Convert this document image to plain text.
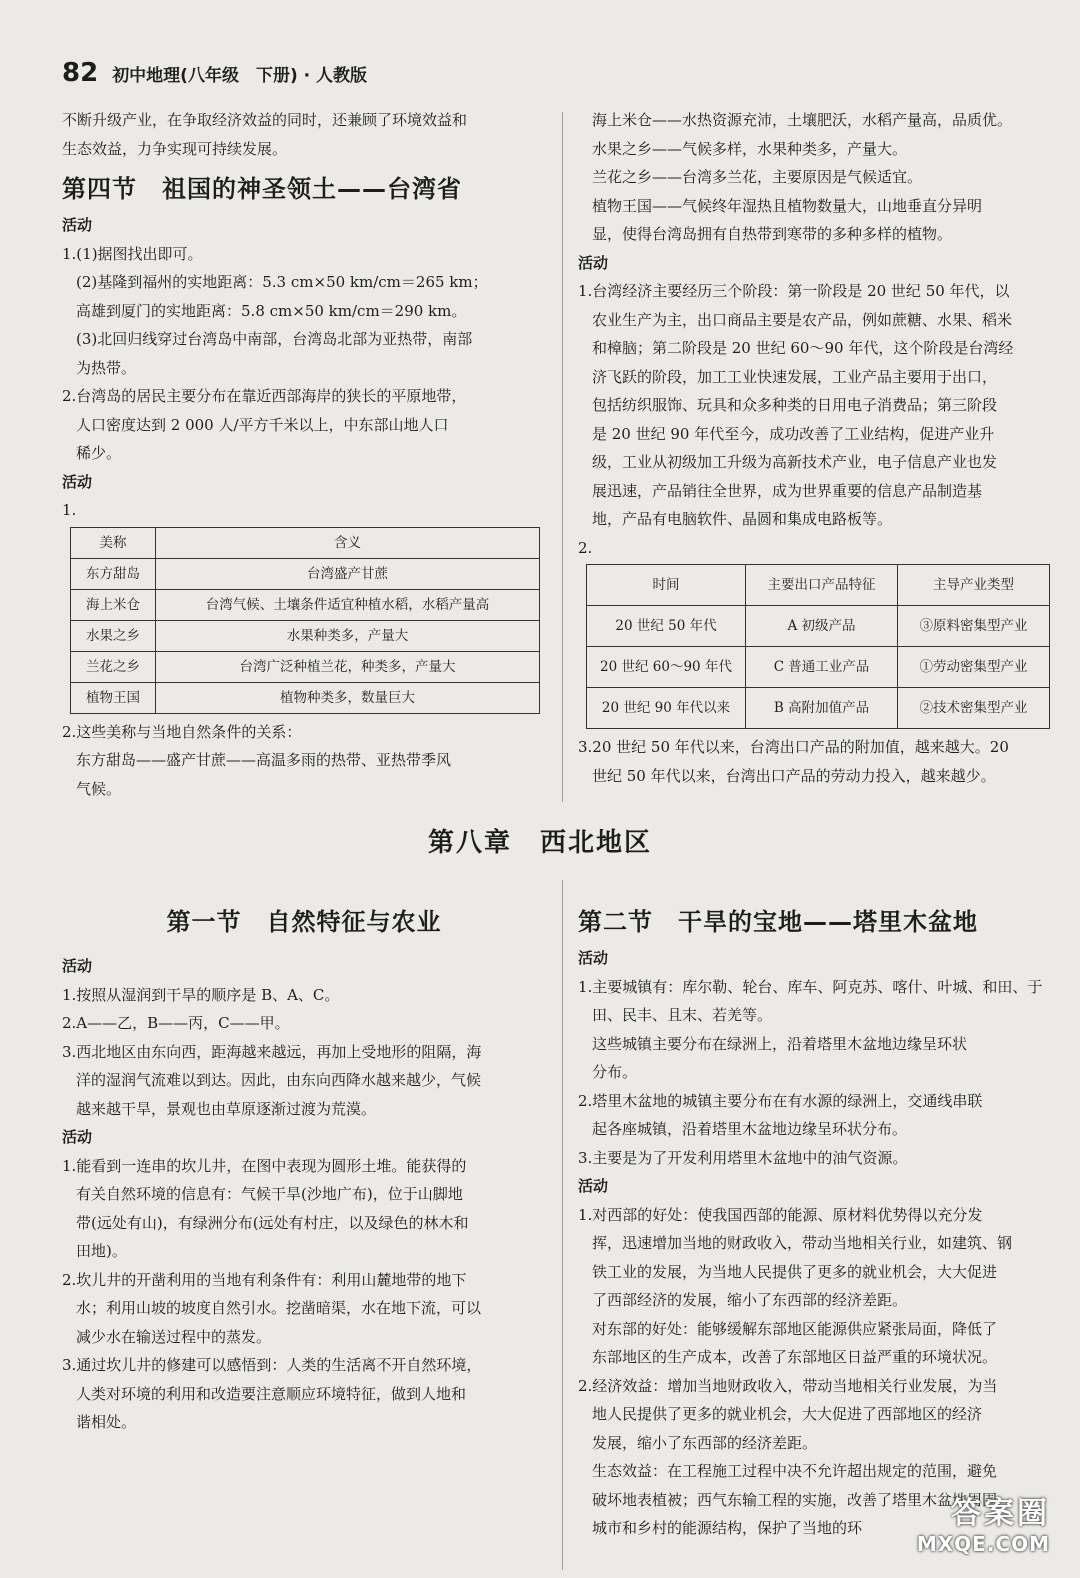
82 初中地理(八年级　下册) · 人教版

不断升级产业，在争取经济效益的同时，还兼顾了环境效益和

生态效益，力争实现可持续发展。

第四节　祖国的神圣领土——台湾省
活动

1.(1)据图找出即可。

(2)基隆到福州的实地距离：5.3 cm×50 km/cm＝265 km；

高雄到厦门的实地距离：5.8 cm×50 km/cm＝290 km。

(3)北回归线穿过台湾岛中南部，台湾岛北部为亚热带，南部

为热带。

2.台湾岛的居民主要分布在靠近西部海岸的狭长的平原地带，

人口密度达到 2 000 人/平方千米以上，中东部山地人口

稀少。

活动

1.

美称	含义
东方甜岛	台湾盛产甘蔗
海上米仓	台湾气候、土壤条件适宜种植水稻，水稻产量高
水果之乡	水果种类多，产量大
兰花之乡	台湾广泛种植兰花，种类多，产量大
植物王国	植物种类多，数量巨大

2.这些美称与当地自然条件的关系：

东方甜岛——盛产甘蔗——高温多雨的热带、亚热带季风

气候。

海上米仓——水热资源充沛，土壤肥沃，水稻产量高，品质优。

水果之乡——气候多样，水果种类多，产量大。

兰花之乡——台湾多兰花，主要原因是气候适宜。

植物王国——气候终年湿热且植物数量大，山地垂直分异明

显，使得台湾岛拥有自热带到寒带的多种多样的植物。

活动

1.台湾经济主要经历三个阶段：第一阶段是 20 世纪 50 年代，以

农业生产为主，出口商品主要是农产品，例如蔗糖、水果、稻米

和樟脑；第二阶段是 20 世纪 60～90 年代，这个阶段是台湾经

济飞跃的阶段，加工工业快速发展，工业产品主要用于出口，

包括纺织服饰、玩具和众多种类的日用电子消费品；第三阶段

是 20 世纪 90 年代至今，成功改善了工业结构，促进产业升

级，工业从初级加工升级为高新技术产业，电子信息产业也发

展迅速，产品销往全世界，成为世界重要的信息产品制造基

地，产品有电脑软件、晶圆和集成电路板等。

2.

时间	主要出口产品特征	主导产业类型
20 世纪 50 年代	A 初级产品	③原料密集型产业
20 世纪 60～90 年代	C 普通工业产品	①劳动密集型产业
20 世纪 90 年代以来	B 高附加值产品	②技术密集型产业

3.20 世纪 50 年代以来，台湾出口产品的附加值，越来越大。20

世纪 50 年代以来，台湾出口产品的劳动力投入，越来越少。

第八章　西北地区
第一节　自然特征与农业
活动

1.按照从湿润到干旱的顺序是 B、A、C。

2.A——乙，B——丙，C——甲。

3.西北地区由东向西，距海越来越远，再加上受地形的阻隔，海

洋的湿润气流难以到达。因此，由东向西降水越来越少，气候

越来越干旱，景观也由草原逐渐过渡为荒漠。

活动

1.能看到一连串的坎儿井，在图中表现为圆形土堆。能获得的

有关自然环境的信息有：气候干旱(沙地广布)，位于山脚地

带(远处有山)，有绿洲分布(远处有村庄，以及绿色的林木和

田地)。

2.坎儿井的开凿利用的当地有利条件有：利用山麓地带的地下

水；利用山坡的坡度自然引水。挖凿暗渠，水在地下流，可以

减少水在输送过程中的蒸发。

3.通过坎儿井的修建可以感悟到：人类的生活离不开自然环境，

人类对环境的利用和改造要注意顺应环境特征，做到人地和

谐相处。

第二节　干旱的宝地——塔里木盆地
活动

1.主要城镇有：库尔勒、轮台、库车、阿克苏、喀什、叶城、和田、于

田、民丰、且末、若羌等。

这些城镇主要分布在绿洲上，沿着塔里木盆地边缘呈环状

分布。

2.塔里木盆地的城镇主要分布在有水源的绿洲上，交通线串联

起各座城镇，沿着塔里木盆地边缘呈环状分布。

3.主要是为了开发利用塔里木盆地中的油气资源。

活动

1.对西部的好处：使我国西部的能源、原材料优势得以充分发

挥，迅速增加当地的财政收入，带动当地相关行业，如建筑、钢

铁工业的发展，为当地人民提供了更多的就业机会，大大促进

了西部经济的发展，缩小了东西部的经济差距。

对东部的好处：能够缓解东部地区能源供应紧张局面，降低了

东部地区的生产成本，改善了东部地区日益严重的环境状况。

2.经济效益：增加当地财政收入，带动当地相关行业发展，为当

地人民提供了更多的就业机会，大大促进了西部地区的经济

发展，缩小了东西部的经济差距。

生态效益：在工程施工过程中决不允许超出规定的范围，避免

破坏地表植被；西气东输工程的实施，改善了塔里木盆地周围

城市和乡村的能源结构，保护了当地的环	答案圈
MXQE.COM
